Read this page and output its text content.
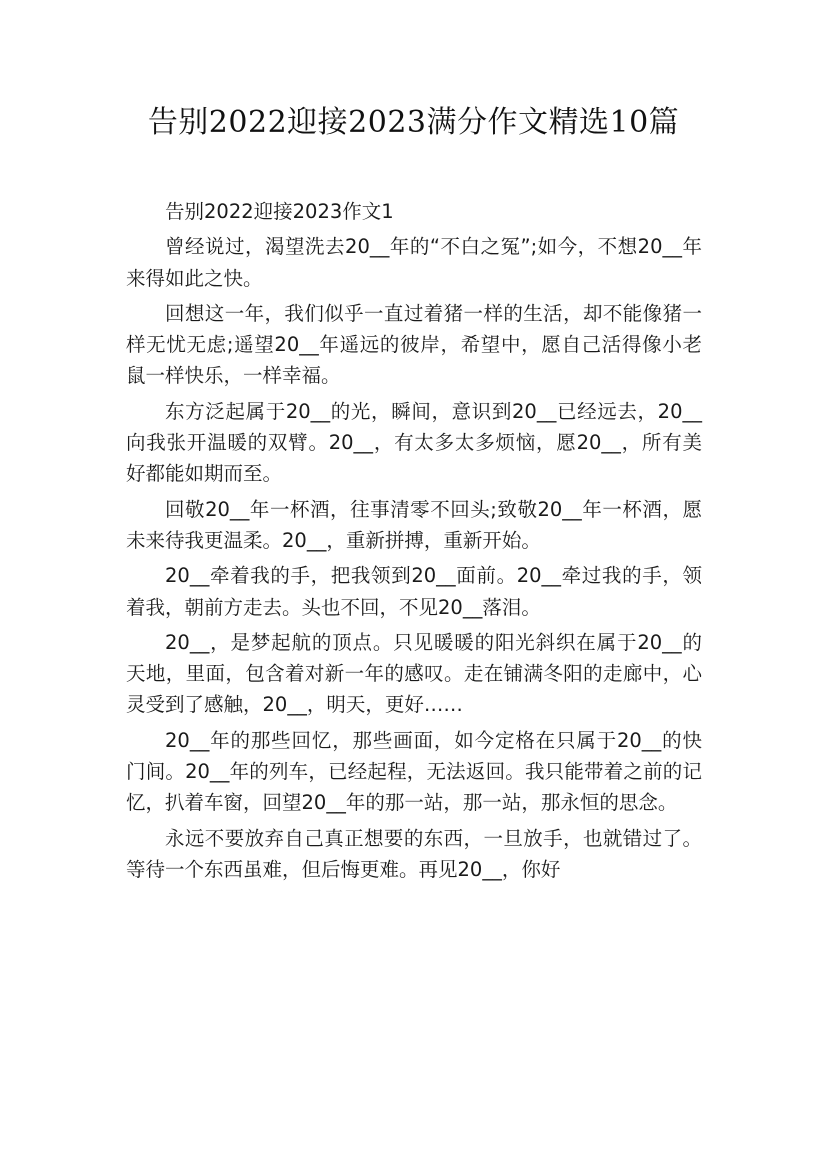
告别2022迎接2023满分作文精选10篇

告别2022迎接2023作文1

曾经说过，渴望洗去20__年的“不白之冤”;如今，不想20__年来得如此之快。

回想这一年，我们似乎一直过着猪一样的生活，却不能像猪一样无忧无虑;遥望20__年遥远的彼岸，希望中，愿自己活得像小老鼠一样快乐，一样幸福。

东方泛起属于20__的光，瞬间，意识到20__已经远去，20__向我张开温暖的双臂。20__，有太多太多烦恼，愿20__，所有美好都能如期而至。

回敬20__年一杯酒，往事清零不回头;致敬20__年一杯酒，愿未来待我更温柔。20__，重新拼搏，重新开始。

20__牵着我的手，把我领到20__面前。20__牵过我的手，领着我，朝前方走去。头也不回，不见20__落泪。

20__，是梦起航的顶点。只见暖暖的阳光斜织在属于20__的天地，里面，包含着对新一年的感叹。走在铺满冬阳的走廊中，心灵受到了感触，20__，明天，更好……

20__年的那些回忆，那些画面，如今定格在只属于20__的快门间。20__年的列车，已经起程，无法返回。我只能带着之前的记忆，扒着车窗，回望20__年的那一站，那一站，那永恒的思念。

永远不要放弃自己真正想要的东西，一旦放手，也就错过了。等待一个东西虽难，但后悔更难。再见20__，你好
